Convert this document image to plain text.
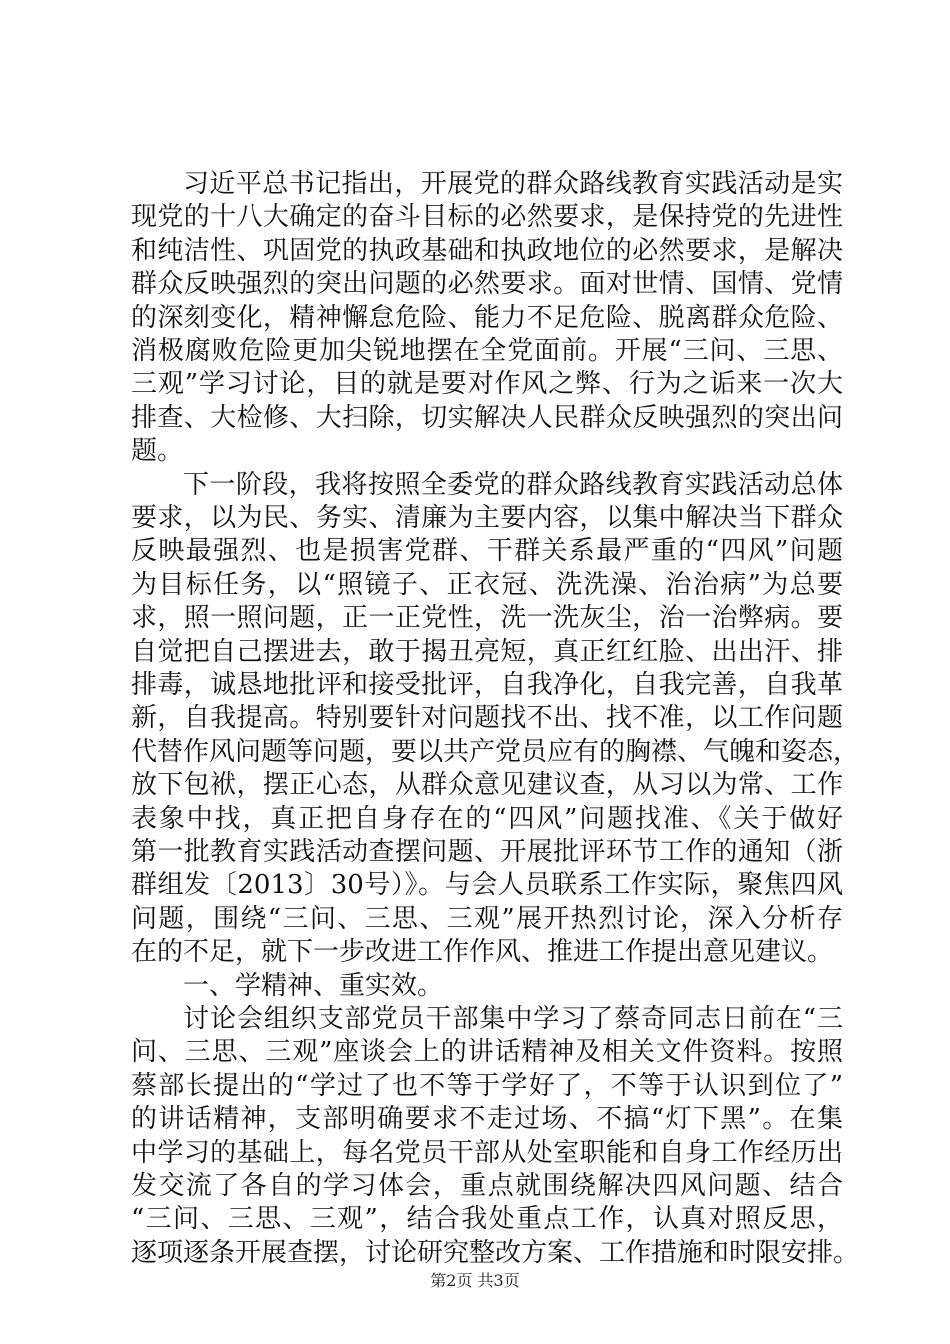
习近平总书记指出，开展党的群众路线教育实践活动是实
现党的十八大确定的奋斗目标的必然要求，是保持党的先进性
和纯洁性、巩固党的执政基础和执政地位的必然要求，是解决
群众反映强烈的突出问题的必然要求。面对世情、国情、党情
的深刻变化，精神懈怠危险、能力不足危险、脱离群众危险、
消极腐败危险更加尖锐地摆在全党面前。开展“三问、三思、
三观”学习讨论，目的就是要对作风之弊、行为之诟来一次大
排查、大检修、大扫除，切实解决人民群众反映强烈的突出问
题。
下一阶段，我将按照全委党的群众路线教育实践活动总体
要求，以为民、务实、清廉为主要内容，以集中解决当下群众
反映最强烈、也是损害党群、干群关系最严重的“四风”问题
为目标任务，以“照镜子、正衣冠、洗洗澡、治治病”为总要
求，照一照问题，正一正党性，洗一洗灰尘，治一治弊病。要
自觉把自己摆进去，敢于揭丑亮短，真正红红脸、出出汗、排
排毒，诚恳地批评和接受批评，自我净化，自我完善，自我革
新，自我提高。特别要针对问题找不出、找不准，以工作问题
代替作风问题等问题，要以共产党员应有的胸襟、气魄和姿态，
放下包袱，摆正心态，从群众意见建议查，从习以为常、工作
表象中找，真正把自身存在的“四风”问题找准、《关于做好
第一批教育实践活动查摆问题、开展批评环节工作的通知（浙
群组发〔2013〕30号）》。与会人员联系工作实际，聚焦四风
问题，围绕“三问、三思、三观”展开热烈讨论，深入分析存
在的不足，就下一步改进工作作风、推进工作提出意见建议。
一、学精神、重实效。
讨论会组织支部党员干部集中学习了蔡奇同志日前在“三
问、三思、三观”座谈会上的讲话精神及相关文件资料。按照
蔡部长提出的“学过了也不等于学好了，不等于认识到位了”
的讲话精神，支部明确要求不走过场、不搞“灯下黑”。在集
中学习的基础上，每名党员干部从处室职能和自身工作经历出
发交流了各自的学习体会，重点就围绕解决四风问题、结合
“三问、三思、三观”，结合我处重点工作，认真对照反思，
第2页 共3页
逐项逐条开展查摆，讨论研究整改方案、工作措施和时限安排。
